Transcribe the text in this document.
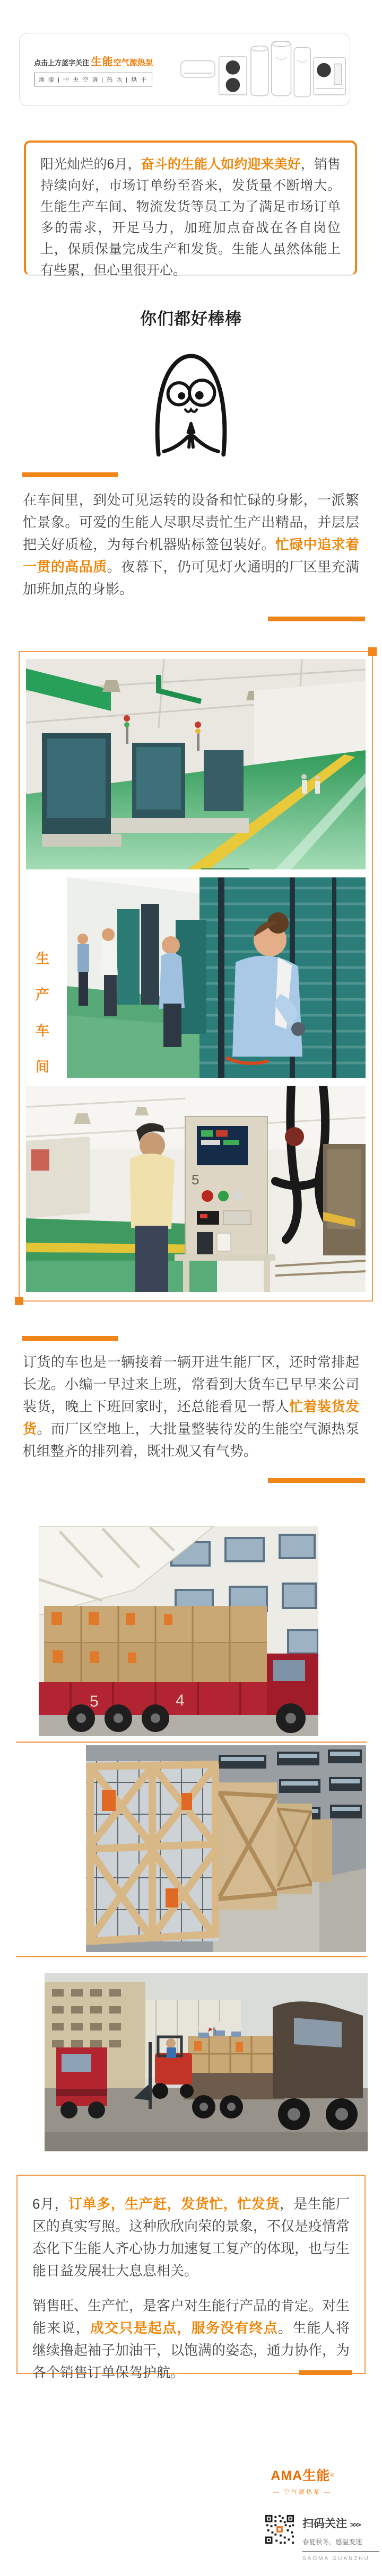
点击上方蓝字关注 生能空气源热泵
地 暖 | 中 央 空 调 | 热 水 | 烘 干
阳光灿烂的6月，奋斗的生能人如约迎来美好，销售持续向好，市场订单纷至沓来，发货量不断增大。生能生产车间、物流发货等员工为了满足市场订单多的需求，开足马力，加班加点奋战在各自岗位上，保质保量完成生产和发货。生能人虽然体能上有些累，但心里很开心。
你们都好棒棒
在车间里，到处可见运转的设备和忙碌的身影，一派繁忙景象。可爱的生能人尽职尽责忙生产出精品，并层层把关好质检，为每台机器贴标签包装好。忙碌中追求着一贯的高品质。夜幕下，仍可见灯火通明的厂区里充满加班加点的身影。
生
产
车
间
5
订货的车也是一辆接着一辆开进生能厂区，还时常排起长龙。小编一早过来上班，常看到大货车已早早来公司装货，晚上下班回家时，还总能看见一帮人忙着装货发货。而厂区空地上，大批量整装待发的生能空气源热泵机组整齐的排列着，既壮观又有气势。
5	4
6月，订单多，生产赶，发货忙，忙发货，是生能厂区的真实写照。这种欣欣向荣的景象，不仅是疫情常态化下生能人齐心协力加速复工复产的体现，也与生能日益发展壮大息息相关。
销售旺、生产忙，是客户对生能行产品的肯定。对生能来说，成交只是起点，服务没有终点。生能人将继续撸起袖子加油干，以饱满的姿态，通力协作，为各个销售订单保驾护航。
AMA生能®
— 空气源热泵 —
扫码关注 >>>
春夏秋冬，感温变速
SAOMA GUANZHU
